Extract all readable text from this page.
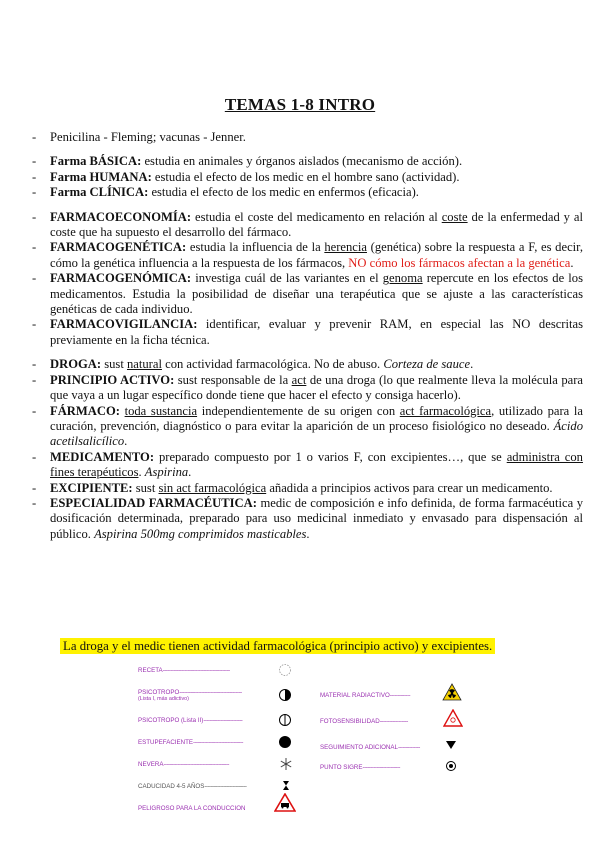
TEMAS 1-8 INTRO
- Penicilina - Fleming; vacunas - Jenner.
- Farma BÁSICA: estudia en animales y órganos aislados (mecanismo de acción).
- Farma HUMANA: estudia el efecto de los medic en el hombre sano (actividad).
- Farma CLÍNICA: estudia el efecto de los medic en enfermos (eficacia).
- FARMACOECONOMÍA: estudia el coste del medicamento en relación al coste de la enfermedad y al coste que ha supuesto el desarrollo del fármaco.
- FARMACOGENÉTICA: estudia la influencia de la herencia (genética) sobre la respuesta a F, es decir, cómo la genética influencia a la respuesta de los fármacos, NO cómo los fármacos afectan a la genética.
- FARMACOGENÓMICA: investiga cuál de las variantes en el genoma repercute en los efectos de los medicamentos. Estudia la posibilidad de diseñar una terapéutica que se ajuste a las características genéticas de cada individuo.
- FARMACOVIGILANCIA: identificar, evaluar y prevenir RAM, en especial las NO descritas previamente en la ficha técnica.
- DROGA: sust natural con actividad farmacológica. No de abuso. Corteza de sauce.
- PRINCIPIO ACTIVO: sust responsable de la act de una droga (lo que realmente lleva la molécula para que vaya a un lugar específico donde tiene que hacer el efecto y consiga hacerlo).
- FÁRMACO: toda sustancia independientemente de su origen con act farmacológica, utilizado para la curación, prevención, diagnóstico o para evitar la aparición de un proceso fisiológico no deseado. Ácido acetilsalicílico.
- MEDICAMENTO: preparado compuesto por 1 o varios F, con excipientes…, que se administra con fines terapéuticos. Aspirina.
- EXCIPIENTE: sust sin act farmacológica añadida a principios activos para crear un medicamento.
- ESPECIALIDAD FARMACÉUTICA: medic de composición e info definida, de forma farmacéutica y dosificación determinada, preparado para uso medicinal inmediato y envasado para dispensación al público. Aspirina 500mg comprimidos masticables.
La droga y el medic tienen actividad farmacológica (principio activo) y excipientes.
RECETA-------------------------------------------
PSICOTROPO----------------------------------------
(Lista I, más adictivo)
PSICOTROPO (Lista II)-------------------------
ESTUPEFACIENTE--------------------------------
NEVERA------------------------------------------
CADUCIDAD 4-5 AÑOS---------------------------
PELIGROSO PARA LA CONDUCCION
MATERIAL RADIACTIVO-------------
FOTOSENSIBILIDAD------------------
SEGUIMIENTO ADICIONAL--------------
PUNTO SIGRE------------------------
